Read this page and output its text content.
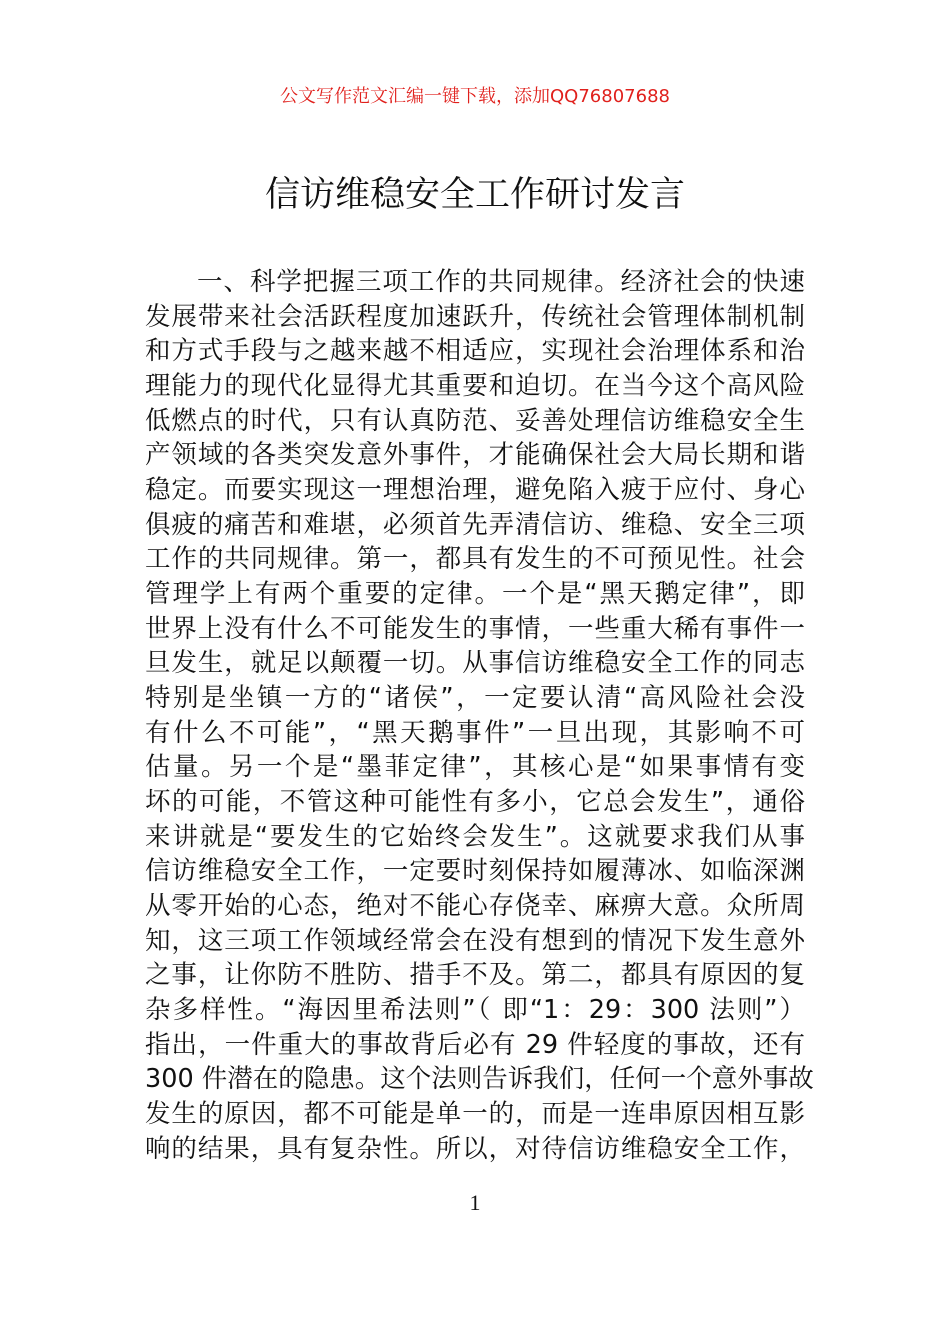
公文写作范文汇编一键下载，添加QQ76807688
信访维稳安全工作研讨发言
一、科学把握三项工作的共同规律。经济社会的快速
发展带来社会活跃程度加速跃升，传统社会管理体制机制
和方式手段与之越来越不相适应，实现社会治理体系和治
理能力的现代化显得尤其重要和迫切。在当今这个高风险
低燃点的时代，只有认真防范、妥善处理信访维稳安全生
产领域的各类突发意外事件，才能确保社会大局长期和谐
稳定。而要实现这一理想治理，避免陷入疲于应付、身心
俱疲的痛苦和难堪，必须首先弄清信访、维稳、安全三项
工作的共同规律。第一，都具有发生的不可预见性。社会
管理学上有两个重要的定律。一个是“黑天鹅定律”，即
世界上没有什么不可能发生的事情，一些重大稀有事件一
旦发生，就足以颠覆一切。从事信访维稳安全工作的同志
特别是坐镇一方的“诸侯”，一定要认清“高风险社会没
有什么不可能”，“黑天鹅事件”一旦出现，其影响不可
估量。另一个是“墨菲定律”，其核心是“如果事情有变
坏的可能，不管这种可能性有多小，它总会发生”，通俗
来讲就是“要发生的它始终会发生”。这就要求我们从事
信访维稳安全工作，一定要时刻保持如履薄冰、如临深渊
从零开始的心态，绝对不能心存侥幸、麻痹大意。众所周
知，这三项工作领域经常会在没有想到的情况下发生意外
之事，让你防不胜防、措手不及。第二，都具有原因的复
杂多样性。“海因里希法则”（ 即“1：29：300 法则”）
指出，一件重大的事故背后必有 29 件轻度的事故，还有
300 件潜在的隐患。这个法则告诉我们，任何一个意外事故
发生的原因，都不可能是单一的，而是一连串原因相互影
响的结果，具有复杂性。所以，对待信访维稳安全工作，
1
